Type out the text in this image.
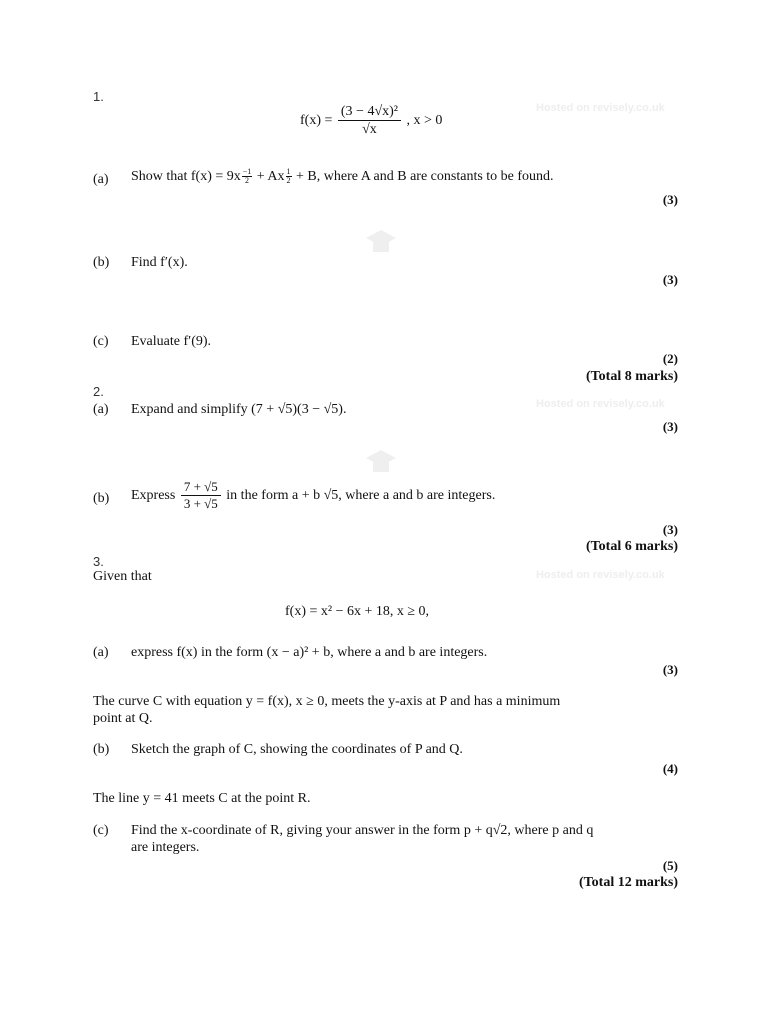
Hosted on revisely.co.uk
Hosted on revisely.co.uk
Hosted on revisely.co.uk
1.
$f(x) = \frac{\text{(3 − 4√x)²}}{√x}$ , x > 0
(a) Show that $f(x) = 9x \frac{-1}{2} + Ax \frac{1}{2} + B$, where A and B are constants to be found.
(3)
(b) Find f′(x).
(3)
(c) Evaluate f′(9).
(2)
(Total 8 marks)
2.
(a) Expand and simplify (7 + √5)(3 − √5).
(3)
(b) Express $\frac{7 + √5}{3 + √5}$ in the form a + b √5, where a and b are integers.
(3)
(Total 6 marks)
3.
Given that
f(x) = x² − 6x + 18, x ≥ 0,
(a) express f(x) in the form (x − a)² + b, where a and b are integers.
(3)
The curve C with equation y = f(x), x ≥ 0, meets the y-axis at P and has a minimum
point at Q.
(b) Sketch the graph of C, showing the coordinates of P and Q.
(4)
The line y = 41 meets C at the point R.
(c) Find the x-coordinate of R, giving your answer in the form p + q√2, where p and q
are integers.
(5)
(Total 12 marks)
